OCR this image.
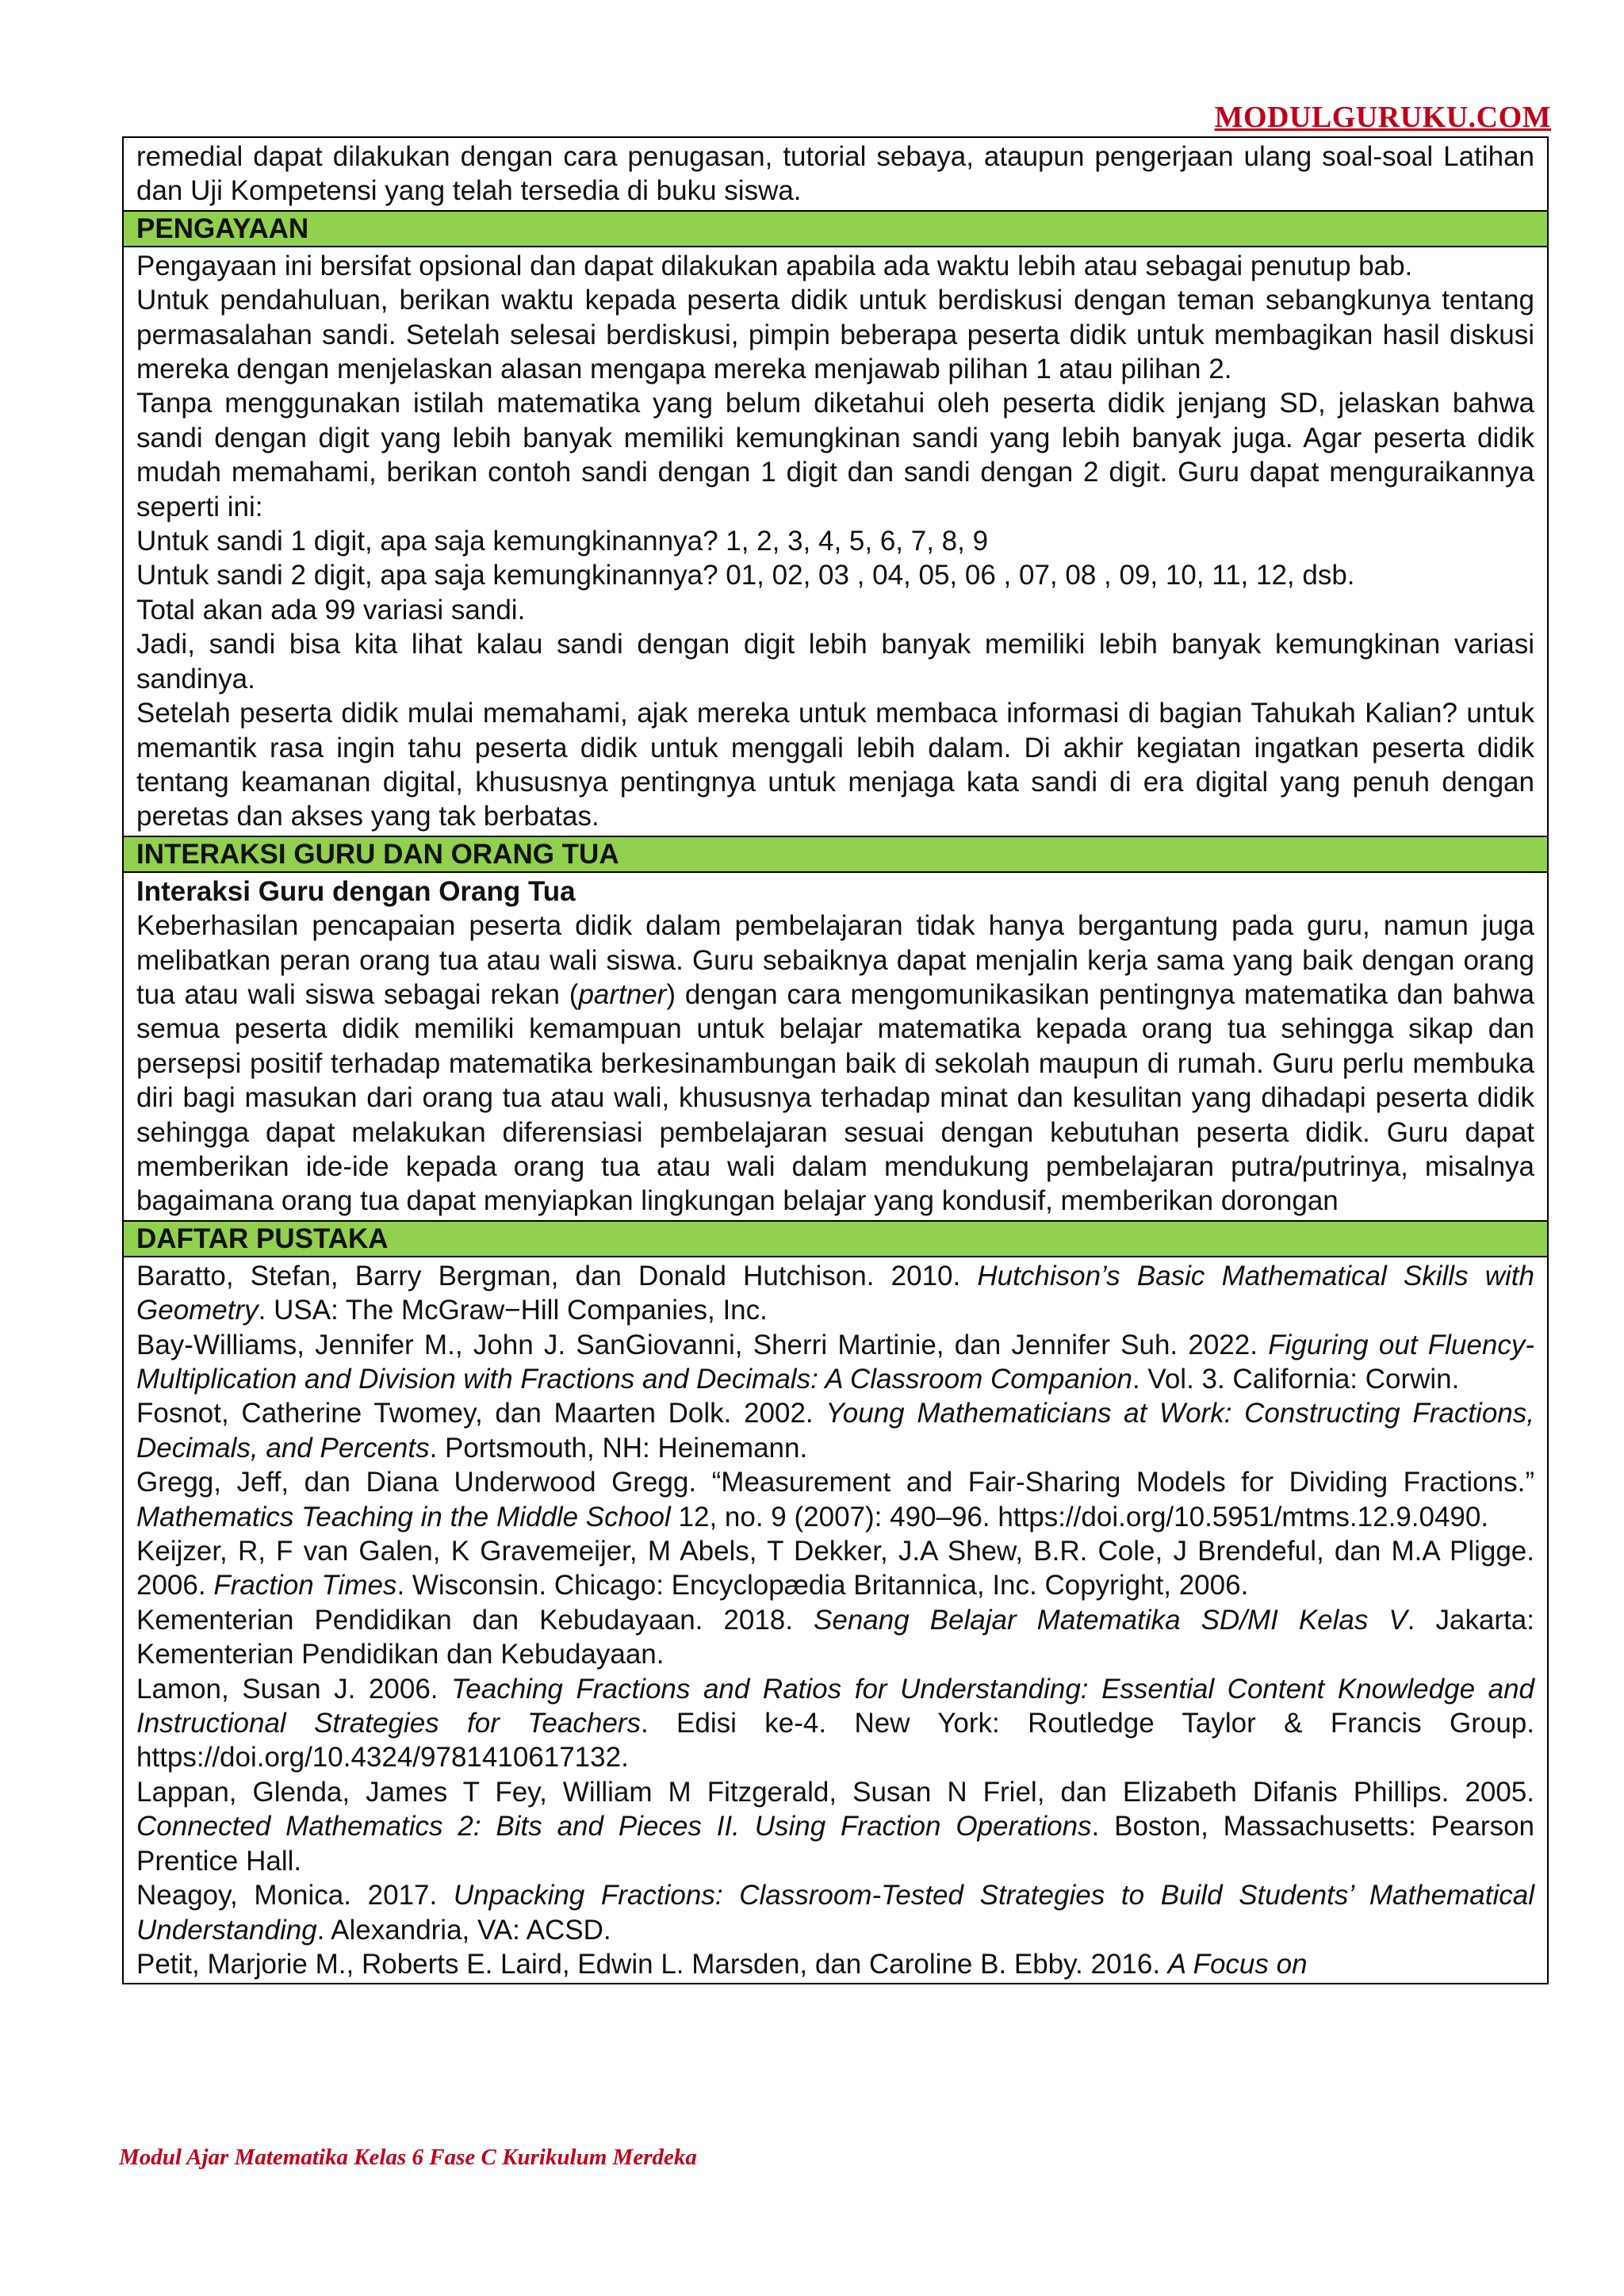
MODULGURUKU.COM

remedial dapat dilakukan dengan cara penugasan, tutorial sebaya, ataupun pengerjaan ulang soal-soal Latihan dan Uji Kompetensi yang telah tersedia di buku siswa.

PENGAYAAN

Pengayaan ini bersifat opsional dan dapat dilakukan apabila ada waktu lebih atau sebagai penutup bab.

Untuk pendahuluan, berikan waktu kepada peserta didik untuk berdiskusi dengan teman sebangkunya tentang permasalahan sandi. Setelah selesai berdiskusi, pimpin beberapa peserta didik untuk membagikan hasil diskusi mereka dengan menjelaskan alasan mengapa mereka menjawab pilihan 1 atau pilihan 2.

Tanpa menggunakan istilah matematika yang belum diketahui oleh peserta didik jenjang SD, jelaskan bahwa sandi dengan digit yang lebih banyak memiliki kemungkinan sandi yang lebih banyak juga. Agar peserta didik mudah memahami, berikan contoh sandi dengan 1 digit dan sandi dengan 2 digit. Guru dapat menguraikannya seperti ini:

Untuk sandi 1 digit, apa saja kemungkinannya? 1, 2, 3, 4, 5, 6, 7, 8, 9

Untuk sandi 2 digit, apa saja kemungkinannya? 01, 02, 03 , 04, 05, 06 , 07, 08 , 09, 10, 11, 12, dsb.

Total akan ada 99 variasi sandi.

Jadi, sandi bisa kita lihat kalau sandi dengan digit lebih banyak memiliki lebih banyak kemungkinan variasi sandinya.

Setelah peserta didik mulai memahami, ajak mereka untuk membaca informasi di bagian Tahukah Kalian? untuk memantik rasa ingin tahu peserta didik untuk menggali lebih dalam. Di akhir kegiatan ingatkan peserta didik tentang keamanan digital, khususnya pentingnya untuk menjaga kata sandi di era digital yang penuh dengan peretas dan akses yang tak berbatas.

INTERAKSI GURU DAN ORANG TUA

Interaksi Guru dengan Orang Tua

Keberhasilan pencapaian peserta didik dalam pembelajaran tidak hanya bergantung pada guru, namun juga melibatkan peran orang tua atau wali siswa. Guru sebaiknya dapat menjalin kerja sama yang baik dengan orang tua atau wali siswa sebagai rekan (partner) dengan cara mengomunikasikan pentingnya matematika dan bahwa semua peserta didik memiliki kemampuan untuk belajar matematika kepada orang tua sehingga sikap dan persepsi positif terhadap matematika berkesinambungan baik di sekolah maupun di rumah. Guru perlu membuka diri bagi masukan dari orang tua atau wali, khususnya terhadap minat dan kesulitan yang dihadapi peserta didik sehingga dapat melakukan diferensiasi pembelajaran sesuai dengan kebutuhan peserta didik. Guru dapat memberikan ide-ide kepada orang tua atau wali dalam mendukung pembelajaran putra/putrinya, misalnya bagaimana orang tua dapat menyiapkan lingkungan belajar yang kondusif, memberikan dorongan

DAFTAR PUSTAKA

Baratto, Stefan, Barry Bergman, dan Donald Hutchison. 2010. Hutchison’s Basic Mathematical Skills with Geometry. USA: The McGraw−Hill Companies, Inc.

Bay-Williams, Jennifer M., John J. SanGiovanni, Sherri Martinie, dan Jennifer Suh. 2022. Figuring out Fluency- Multiplication and Division with Fractions and Decimals: A Classroom Companion. Vol. 3. California: Corwin.

Fosnot, Catherine Twomey, dan Maarten Dolk. 2002. Young Mathematicians at Work: Constructing Fractions, Decimals, and Percents. Portsmouth, NH: Heinemann.

Gregg, Jeff, dan Diana Underwood Gregg. “Measurement and Fair-Sharing Models for Dividing Fractions.” Mathematics Teaching in the Middle School 12, no. 9 (2007): 490–96. https://doi.org/10.5951/mtms.12.9.0490.

Keijzer, R, F van Galen, K Gravemeijer, M Abels, T Dekker, J.A Shew, B.R. Cole, J Brendeful, dan M.A Pligge. 2006. Fraction Times. Wisconsin. Chicago: Encyclopædia Britannica, Inc. Copyright, 2006.

Kementerian Pendidikan dan Kebudayaan. 2018. Senang Belajar Matematika SD/MI Kelas V. Jakarta: Kementerian Pendidikan dan Kebudayaan.

Lamon, Susan J. 2006. Teaching Fractions and Ratios for Understanding: Essential Content Knowledge and Instructional Strategies for Teachers. Edisi ke-4. New York: Routledge Taylor & Francis Group. https://doi.org/10.4324/9781410617132.

Lappan, Glenda, James T Fey, William M Fitzgerald, Susan N Friel, dan Elizabeth Difanis Phillips. 2005. Connected Mathematics 2: Bits and Pieces II. Using Fraction Operations. Boston, Massachusetts: Pearson Prentice Hall.

Neagoy, Monica. 2017. Unpacking Fractions: Classroom-Tested Strategies to Build Students’ Mathematical Understanding. Alexandria, VA: ACSD.

Petit, Marjorie M., Roberts E. Laird, Edwin L. Marsden, dan Caroline B. Ebby. 2016. A Focus on

Modul Ajar Matematika Kelas 6 Fase C Kurikulum Merdeka
